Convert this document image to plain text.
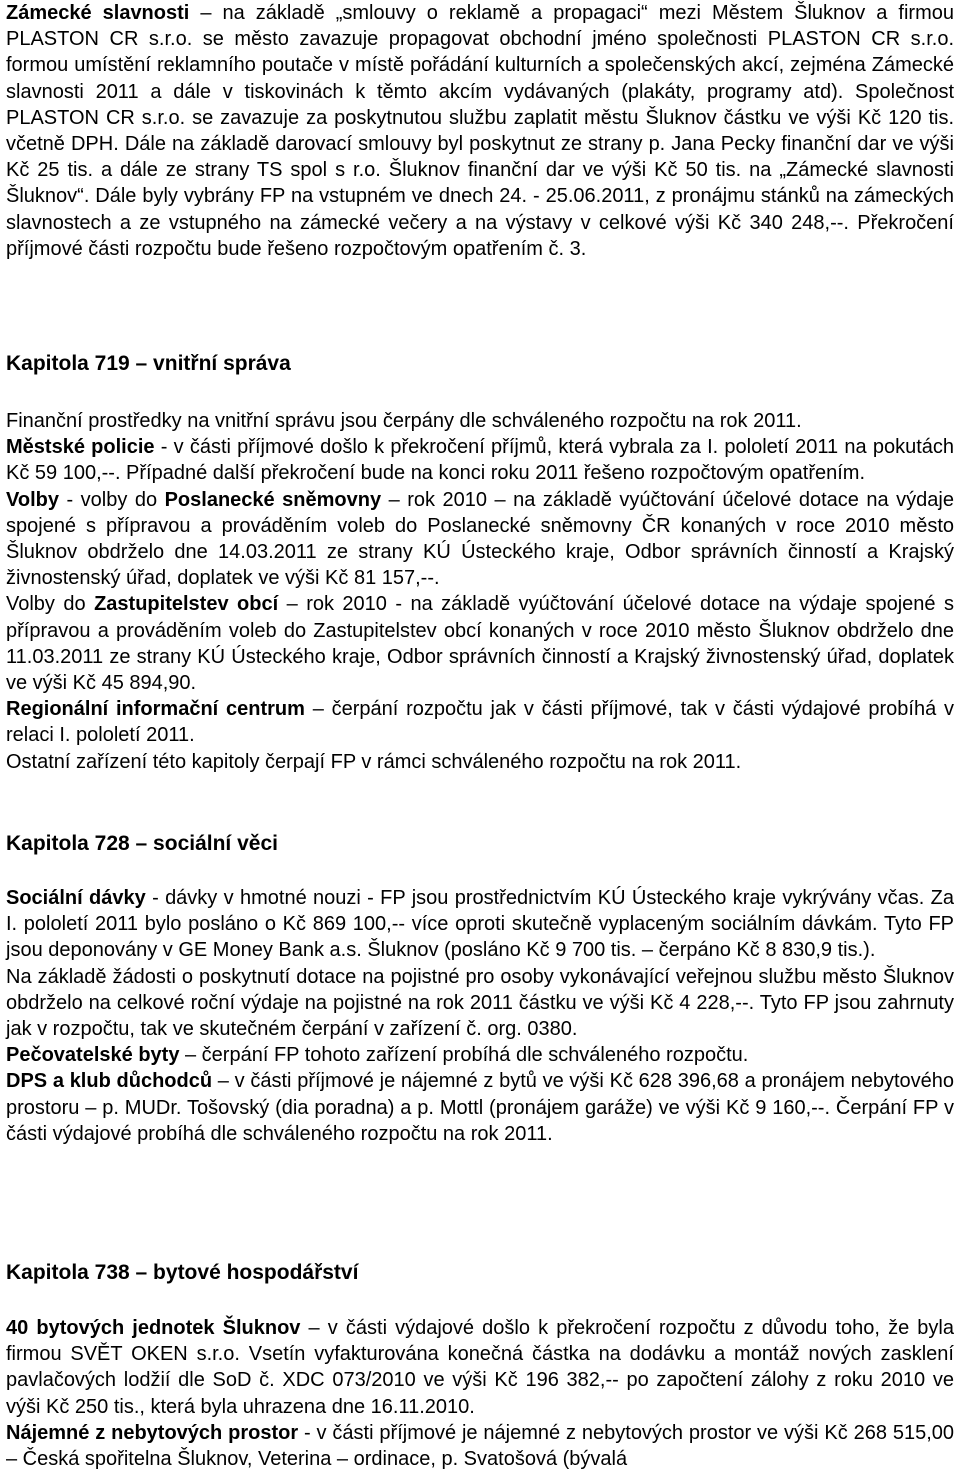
Zámecké slavnosti – na základě „smlouvy o reklamě a propagaci“ mezi Městem Šluknov a firmou PLASTON CR s.r.o. se město zavazuje propagovat obchodní jméno společnosti PLASTON CR s.r.o. formou umístění reklamního poutače v místě pořádání kulturních a společenských akcí, zejména Zámecké slavnosti 2011 a dále v tiskovinách k těmto akcím vydávaných (plakáty, programy atd). Společnost PLASTON CR s.r.o. se zavazuje za poskytnutou službu zaplatit městu Šluknov částku ve výši Kč 120 tis. včetně DPH. Dále na základě darovací smlouvy byl poskytnut ze strany p. Jana Pecky finanční dar ve výši Kč 25 tis. a dále ze strany TS spol s r.o. Šluknov finanční dar ve výši Kč 50 tis. na „Zámecké slavnosti Šluknov“. Dále byly vybrány FP na vstupném ve dnech 24. - 25.06.2011, z pronájmu stánků na zámeckých slavnostech a ze vstupného na zámecké večery a na výstavy v celkové výši Kč 340 248,--. Překročení příjmové části rozpočtu bude řešeno rozpočtovým opatřením č. 3.

Kapitola 719 – vnitřní správa

Finanční prostředky na vnitřní správu jsou čerpány dle schváleného rozpočtu na rok 2011.

Městské policie - v části příjmové došlo k překročení příjmů, která vybrala za I. pololetí 2011 na pokutách Kč 59 100,--. Případné další překročení bude na konci roku 2011 řešeno rozpočtovým opatřením.

Volby - volby do Poslanecké sněmovny – rok 2010 – na základě vyúčtování účelové dotace na výdaje spojené s přípravou a prováděním voleb do Poslanecké sněmovny ČR konaných v roce 2010 město Šluknov obdrželo dne 14.03.2011 ze strany KÚ Ústeckého kraje, Odbor správních činností a Krajský živnostenský úřad, doplatek ve výši Kč 81 157,--.

Volby do Zastupitelstev obcí – rok 2010 - na základě vyúčtování účelové dotace na výdaje spojené s přípravou a prováděním voleb do Zastupitelstev obcí konaných v roce 2010 město Šluknov obdrželo dne 11.03.2011 ze strany KÚ Ústeckého kraje, Odbor správních činností a Krajský živnostenský úřad, doplatek ve výši Kč 45 894,90.

Regionální informační centrum – čerpání rozpočtu jak v části příjmové, tak v části výdajové probíhá v relaci I. pololetí 2011.

Ostatní zařízení této kapitoly čerpají FP v rámci schváleného rozpočtu na rok 2011.

Kapitola 728 – sociální věci

Sociální dávky - dávky v hmotné nouzi - FP jsou prostřednictvím KÚ Ústeckého kraje vykrývány včas. Za I. pololetí 2011 bylo posláno o Kč 869 100,-- více oproti skutečně vyplaceným sociálním dávkám. Tyto FP jsou deponovány v GE Money Bank a.s. Šluknov (posláno Kč 9 700 tis. – čerpáno Kč 8 830,9 tis.).

Na základě žádosti o poskytnutí dotace na pojistné pro osoby vykonávající veřejnou službu město Šluknov obdrželo na celkové roční výdaje na pojistné na rok 2011 částku ve výši Kč 4 228,--. Tyto FP jsou zahrnuty jak v rozpočtu, tak ve skutečném čerpání v zařízení č. org. 0380.

Pečovatelské byty – čerpání FP tohoto zařízení probíhá dle schváleného rozpočtu.

DPS a klub důchodců – v části příjmové je nájemné z bytů ve výši Kč 628 396,68 a pronájem nebytového prostoru – p. MUDr. Tošovský (dia poradna) a p. Mottl (pronájem garáže) ve výši Kč 9 160,--. Čerpání FP v části výdajové probíhá dle schváleného rozpočtu na rok 2011.

Kapitola 738 – bytové hospodářství

40 bytových jednotek Šluknov – v části výdajové došlo k překročení rozpočtu z důvodu toho, že byla firmou SVĚT OKEN s.r.o. Vsetín vyfakturována konečná částka na dodávku a montáž nových zasklení pavlačových lodžií dle SoD č. XDC 073/2010 ve výši Kč 196 382,-- po započtení zálohy z roku 2010 ve výši Kč 250 tis., která byla uhrazena dne 16.11.2010.

Nájemné z nebytových prostor - v části příjmové je nájemné z nebytových prostor ve výši Kč 268 515,00 – Česká spořitelna Šluknov, Veterina – ordinace, p. Svatošová (bývalá
